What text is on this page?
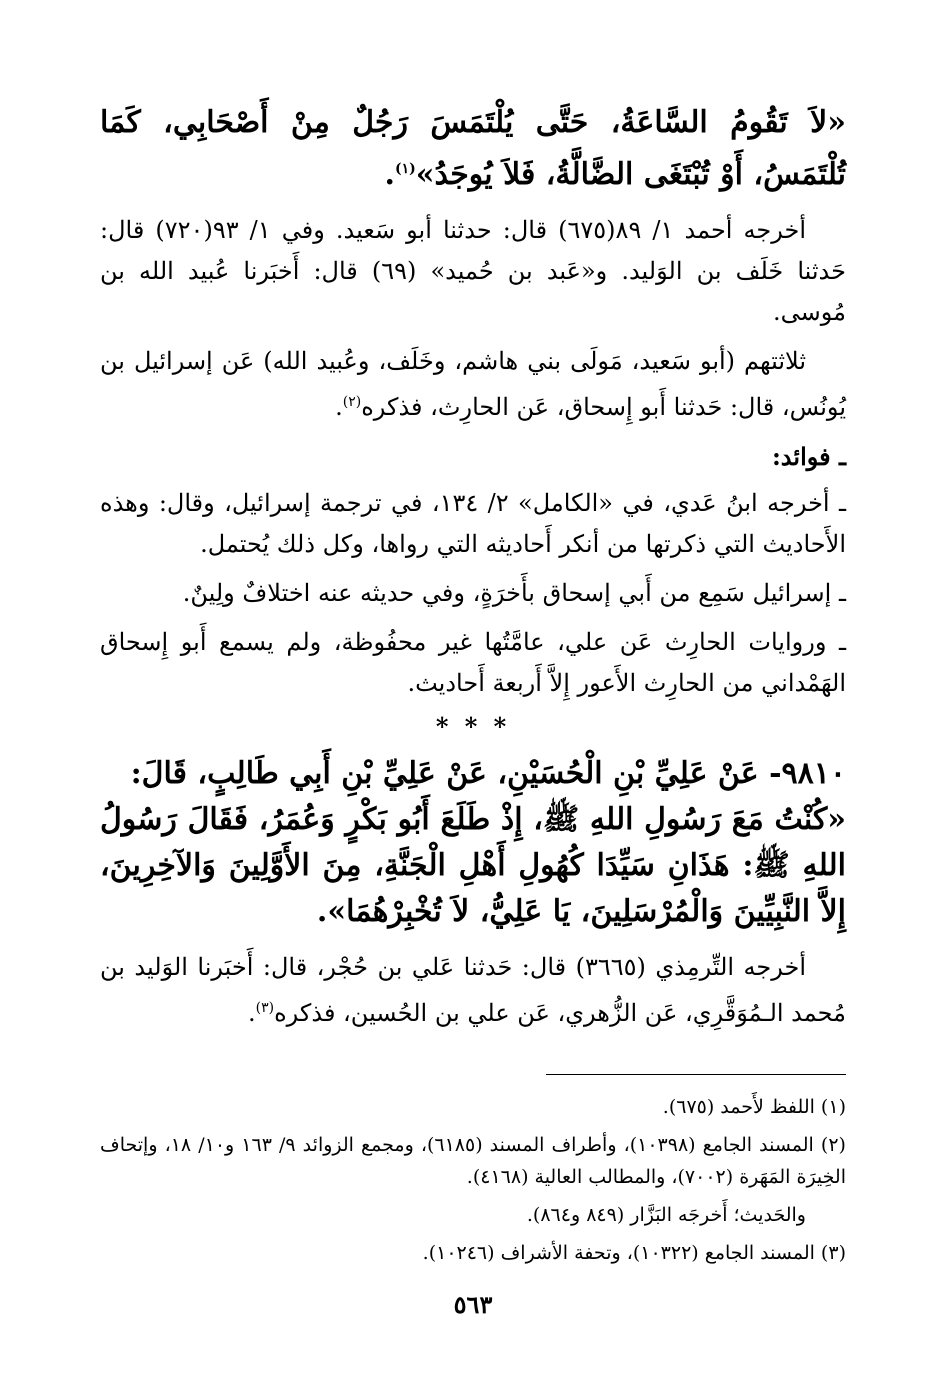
«لاَ تَقُومُ السَّاعَةُ، حَتَّى يُلْتَمَسَ رَجُلٌ مِنْ أَصْحَابِي، كَمَا تُلْتَمَسُ، أَوْ تُبْتَغَى الضَّالَّةُ، فَلاَ يُوجَدُ»$^{(١)}$.

أخرجه أحمد ١/ ٨٩(٦٧٥) قال: حدثنا أبو سَعيد. وفي ١/ ٩٣(٧٢٠) قال: حَدثنا خَلَف بن الوَليد. و«عَبد بن حُميد» (٦٩) قال: أَخبَرنا عُبيد الله بن مُوسى.

ثلاثتهم (أبو سَعيد، مَولَى بني هاشم، وخَلَف، وعُبيد الله) عَن إسرائيل بن يُونُس، قال: حَدثنا أَبو إِسحاق، عَن الحارِث، فذكره$^{(٢)}$.

ـ فوائد:

ـ أخرجه ابنُ عَدي، في «الكامل» ٢/ ١٣٤، في ترجمة إسرائيل، وقال: وهذه الأَحاديث التي ذكرتها من أنكر أَحاديثه التي رواها، وكل ذلك يُحتمل.

ـ إسرائيل سَمِع من أَبي إسحاق بأَخرَةٍ، وفي حديثه عنه اختلافٌ ولِينٌ.

ـ وروايات الحارِث عَن علي، عامَّتُها غير محفُوظة، ولم يسمع أَبو إِسحاق الهَمْداني من الحارِث الأَعور إِلاَّ أَربعة أَحاديث.

* * *

٩٨١٠- عَنْ عَلِيِّ بْنِ الْحُسَيْنِ، عَنْ عَلِيِّ بْنِ أَبِي طَالِبٍ، قَالَ:

«كُنْتُ مَعَ رَسُولِ اللهِ ﷺ، إِذْ طَلَعَ أَبُو بَكْرٍ وَعُمَرُ، فَقَالَ رَسُولُ اللهِ ﷺ: هَذَانِ سَيِّدَا كُهُولِ أَهْلِ الْجَنَّةِ، مِنَ الأَوَّلِينَ وَالآخِرِينَ، إِلاَّ النَّبِيِّينَ وَالْمُرْسَلِينَ، يَا عَلِيُّ، لاَ تُخْبِرْهُمَا».

أخرجه التِّرمِذي (٣٦٦٥) قال: حَدثنا عَلي بن حُجْر، قال: أَخبَرنا الوَليد بن مُحمد الـمُوَقَّرِي، عَن الزُّهري، عَن علي بن الحُسين، فذكره$^{(٣)}$.

(١) اللفظ لأَحمد (٦٧٥).

(٢) المسند الجامع (١٠٣٩٨)، وأطراف المسند (٦١٨٥)، ومجمع الزوائد ٩/ ١٦٣ و١٠/ ١٨، وإتحاف الخِيرَة المَهَرة (٧٠٠٢)، والمطالب العالية (٤١٦٨).

والحَديث؛ أَخرجَه البَزَّار (٨٤٩ و٨٦٤).

(٣) المسند الجامع (١٠٣٢٢)، وتحفة الأشراف (١٠٢٤٦).

٥٦٣
